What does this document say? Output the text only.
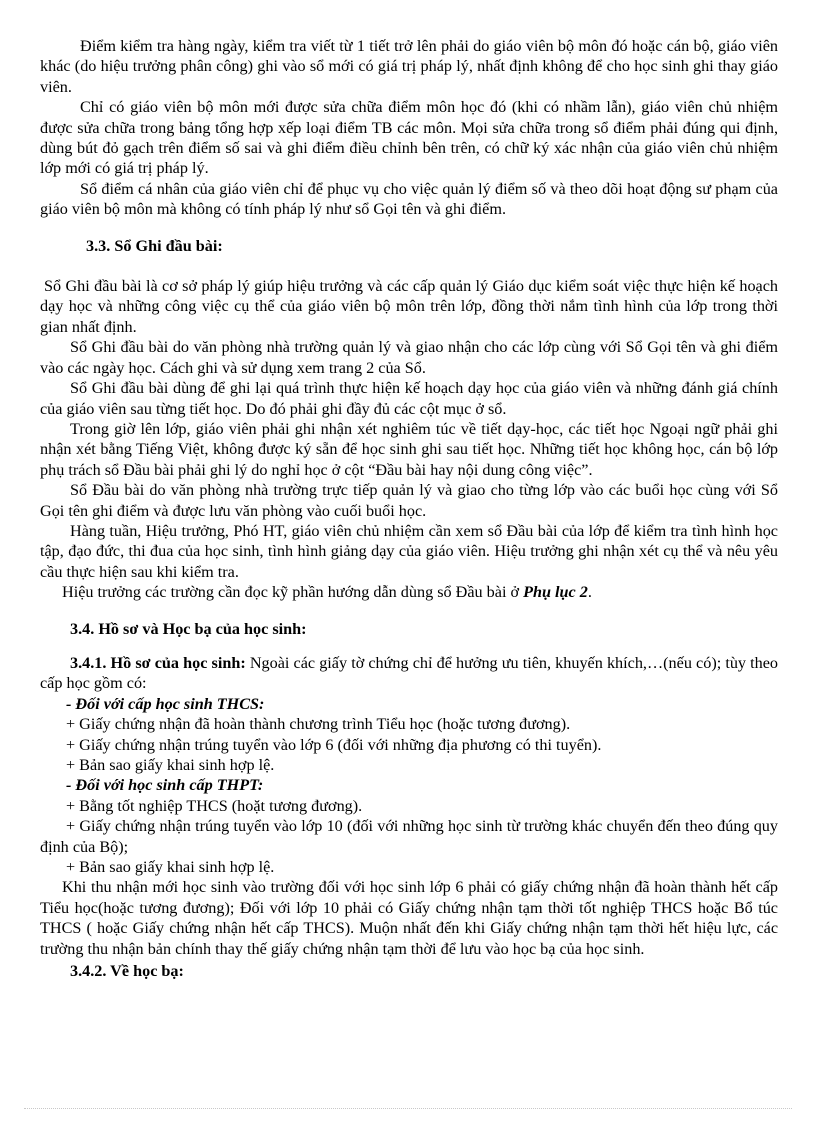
Điểm kiểm tra hàng ngày, kiểm tra viết từ 1 tiết trở lên phải do giáo viên bộ môn đó hoặc cán bộ, giáo viên khác (do hiệu trưởng phân công) ghi vào sổ mới có giá trị pháp lý, nhất định không để cho học sinh ghi thay giáo viên.

Chỉ có giáo viên bộ môn mới được sửa chữa điểm môn học đó (khi có nhầm lẫn), giáo viên chủ nhiệm được sửa chữa trong bảng tổng hợp xếp loại điểm TB các môn. Mọi sửa chữa trong sổ điểm phải đúng qui định, dùng bút đỏ gạch trên điểm số sai và ghi điểm điều chỉnh bên trên, có chữ ký xác nhận của giáo viên chủ nhiệm lớp mới có giá trị pháp lý.

Sổ điểm cá nhân của giáo viên chỉ để phục vụ cho việc quản lý điểm số và theo dõi hoạt động sư phạm của giáo viên bộ môn mà không có tính pháp lý như sổ Gọi tên và ghi điểm.

3.3. Sổ Ghi đầu bài:

Sổ Ghi đầu bài là cơ sở pháp lý giúp hiệu trưởng và các cấp quản lý Giáo dục kiểm soát việc thực hiện kế hoạch dạy học và những công việc cụ thể của giáo viên bộ môn trên lớp, đồng thời nắm tình hình của lớp trong thời gian nhất định.

Sổ Ghi đầu bài do văn phòng nhà trường quản lý và giao nhận cho các lớp cùng với Sổ Gọi tên và ghi điểm vào các ngày học. Cách ghi và sử dụng xem trang 2 của Sổ.

Sổ Ghi đầu bài dùng để ghi lại quá trình thực hiện kế hoạch dạy học của giáo viên và những đánh giá chính của giáo viên sau từng tiết học. Do đó phải ghi đầy đủ các cột mục ở sổ.

Trong giờ lên lớp, giáo viên phải ghi nhận xét nghiêm túc về tiết dạy-học, các tiết học Ngoại ngữ phải ghi nhận xét bằng Tiếng Việt, không được ký sẵn để học sinh ghi sau tiết học. Những tiết học không học, cán bộ lớp phụ trách sổ Đầu bài phải ghi lý do nghỉ học ở cột “Đầu bài hay nội dung công việc”.

Sổ Đầu bài do văn phòng nhà trường trực tiếp quản lý và giao cho từng lớp vào các buổi học cùng với Sổ Gọi tên ghi điểm và được lưu văn phòng vào cuối buổi học.

Hàng tuần, Hiệu trưởng, Phó HT, giáo viên chủ nhiệm cần xem sổ Đầu bài của lớp để kiểm tra tình hình học tập, đạo đức, thi đua của học sinh, tình hình giảng dạy của giáo viên. Hiệu trưởng ghi nhận xét cụ thể và nêu yêu cầu thực hiện sau khi kiểm tra.

Hiệu trưởng các trường cần đọc kỹ phần hướng dẫn dùng sổ Đầu bài ở Phụ lục 2.

3.4. Hồ sơ và Học bạ của học sinh:

3.4.1. Hồ sơ của học sinh: Ngoài các giấy tờ chứng chỉ để hưởng ưu tiên, khuyến khích,…(nếu có); tùy theo cấp học gồm có:

- Đối với cấp học sinh THCS:

+ Giấy chứng nhận đã hoàn thành chương trình Tiểu học (hoặc tương đương).

+ Giấy chứng nhận trúng tuyển vào lớp 6 (đối với những địa phương có thi tuyển).

+ Bản sao giấy khai sinh hợp lệ.

- Đối với học sinh cấp THPT:

+ Bằng tốt nghiệp THCS (hoặt tương đương).

+ Giấy chứng nhận trúng tuyển vào lớp 10 (đối với những học sinh từ trường khác chuyển đến theo đúng quy định của Bộ);

+ Bản sao giấy khai sinh hợp lệ.

Khi thu nhận mới học sinh vào trường đối với học sinh lớp 6 phải có giấy chứng nhận đã hoàn thành hết cấp Tiểu học(hoặc tương đương); Đối với lớp 10 phải có Giấy chứng nhận tạm thời tốt nghiệp THCS hoặc Bổ túc THCS ( hoặc Giấy chứng nhận hết cấp THCS). Muộn nhất đến khi Giấy chứng nhận tạm thời hết hiệu lực, các trường thu nhận bản chính thay thế giấy chứng nhận tạm thời để lưu vào học bạ của học sinh.

3.4.2. Về học bạ:
